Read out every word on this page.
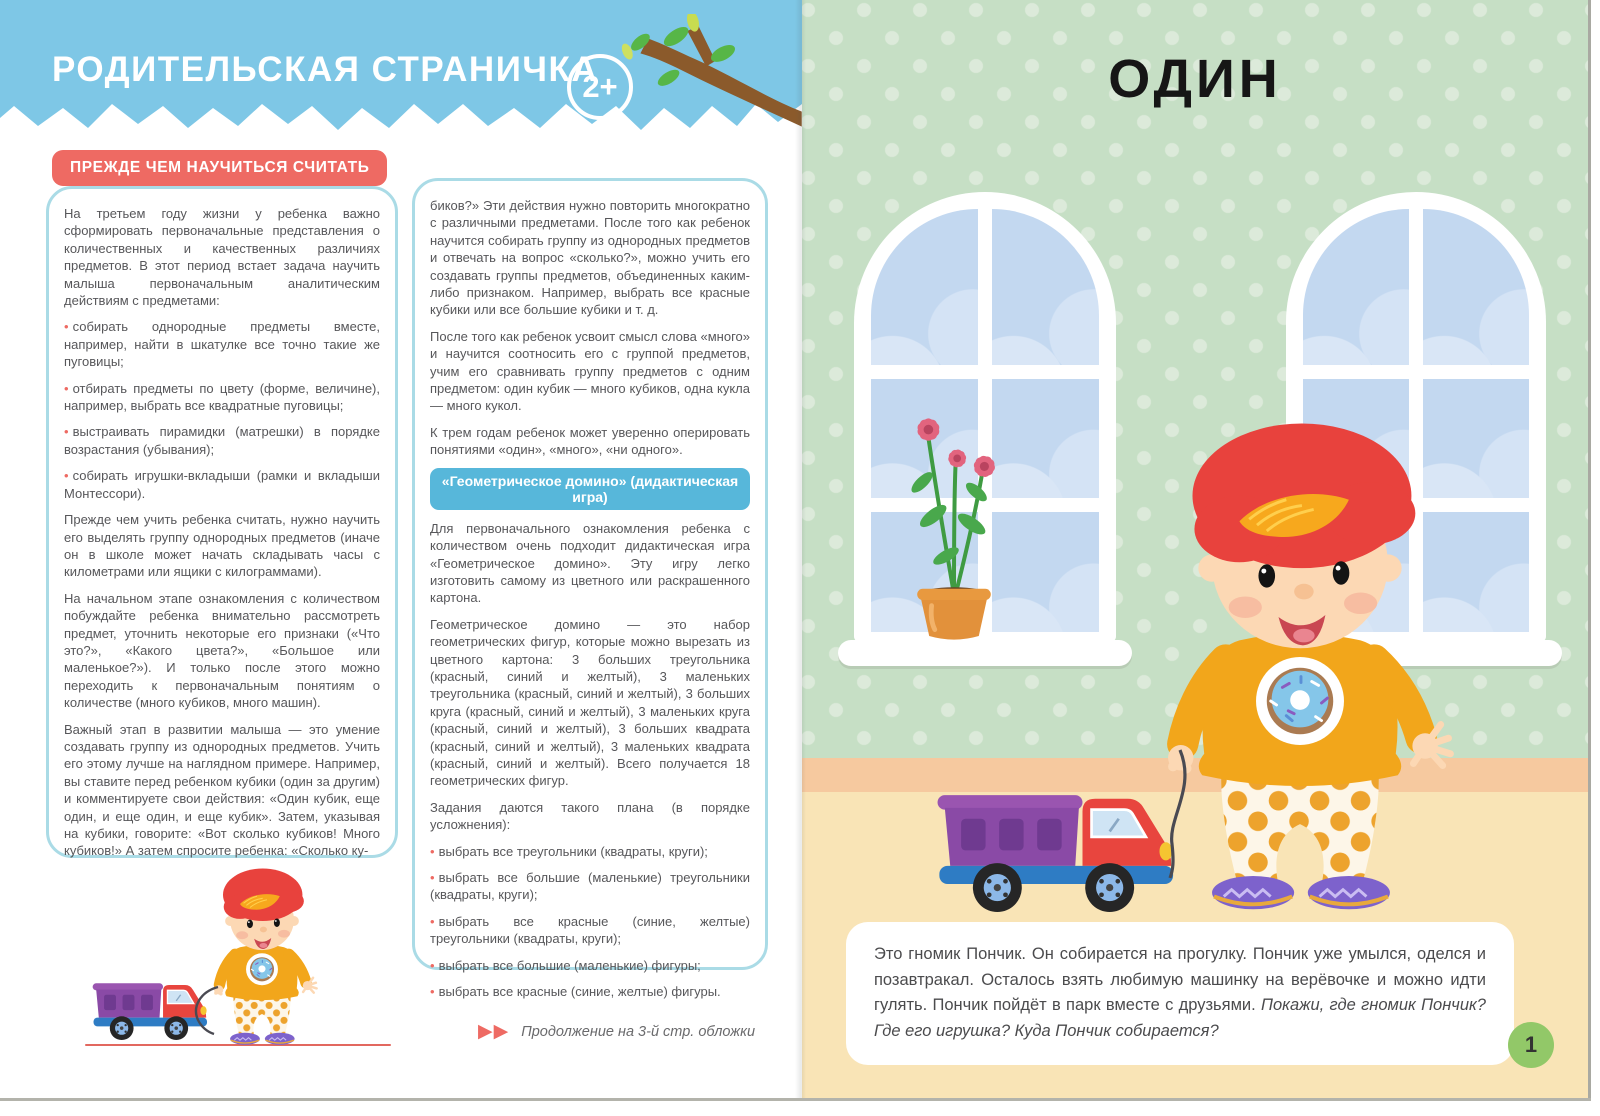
РОДИТЕЛЬСКАЯ СТРАНИЧКА
2+
ПРЕЖДЕ ЧЕМ НАУЧИТЬСЯ СЧИТАТЬ

На третьем году жизни у ребенка важно сформировать первоначальные представления о количественных и качественных различиях предметов. В этот период встает задача научить малыша первоначальным аналитическим действиям с предметами:

• собирать однородные предметы вместе, например, найти в шкатулке все точно такие же пуговицы;

• отбирать предметы по цвету (форме, величине), например, выбрать все квадратные пуговицы;

• выстраивать пирамидки (матрешки) в порядке возрастания (убывания);

• собирать игрушки-вкладыши (рамки и вкладыши Монтессори).

Прежде чем учить ребенка считать, нужно научить его выделять группу однородных предметов (иначе он в школе может начать складывать часы с километрами или ящики с килограммами).

На начальном этапе ознакомления с количеством побуждайте ребенка внимательно рассмотреть предмет, уточнить некоторые его признаки («Что это?», «Какого цвета?», «Большое или маленькое?»). И только после этого можно переходить к первоначальным понятиям о количестве (много кубиков, много машин).

Важный этап в развитии малыша — это умение создавать группу из однородных предметов. Учить его этому лучше на наглядном примере. Например, вы ставите перед ребенком кубики (один за другим) и комментируете свои действия: «Один кубик, еще один, и еще один, и еще кубик». Затем, указывая на кубики, говорите: «Вот сколько кубиков! Много кубиков!» А затем спросите ребенка: «Сколько ку-

биков?» Эти действия нужно повторить многократно с различными предметами. После того как ребенок научится собирать группу из однородных предметов и отвечать на вопрос «сколько?», можно учить его создавать группы предметов, объединенных каким-либо признаком. Например, выбрать все красные кубики или все большие кубики и т. д.

После того как ребенок усвоит смысл слова «много» и научится соотносить его с группой предметов, учим его сравнивать группу предметов с одним предметом: один кубик — много кубиков, одна кукла — много кукол.

К трем годам ребенок может уверенно оперировать понятиями «один», «много», «ни одного».

«Геометрическое домино» (дидактическая игра)

Для первоначального ознакомления ребенка с количеством очень подходит дидактическая игра «Геометрическое домино». Эту игру легко изготовить самому из цветного или раскрашенного картона.

Геометрическое домино — это набор геометрических фигур, которые можно вырезать из цветного картона: 3 больших треугольника (красный, синий и желтый), 3 маленьких треугольника (красный, синий и желтый), 3 больших круга (красный, синий и желтый), 3 маленьких круга (красный, синий и желтый), 3 больших квадрата (красный, синий и желтый), 3 маленьких квадрата (красный, синий и желтый). Всего получается 18 геометрических фигур.

Задания даются такого плана (в порядке усложнения):

• выбрать все треугольники (квадраты, круги);

• выбрать все большие (маленькие) треугольники (квадраты, круги);

• выбрать все красные (синие, желтые) треугольники (квадраты, круги);

• выбрать все большие (маленькие) фигуры;

• выбрать все красные (синие, желтые) фигуры.

▶▶ Продолжение на 3-й стр. обложки
ОДИН

Это гномик Пончик. Он собирается на прогулку. Пончик уже умылся, оделся и позавтракал. Осталось взять любимую машинку на верёвочке и можно идти гулять. Пончик пойдёт в парк вместе с друзьями. Покажи, где гномик Пончик? Где его игрушка? Куда Пончик собирается?

1
